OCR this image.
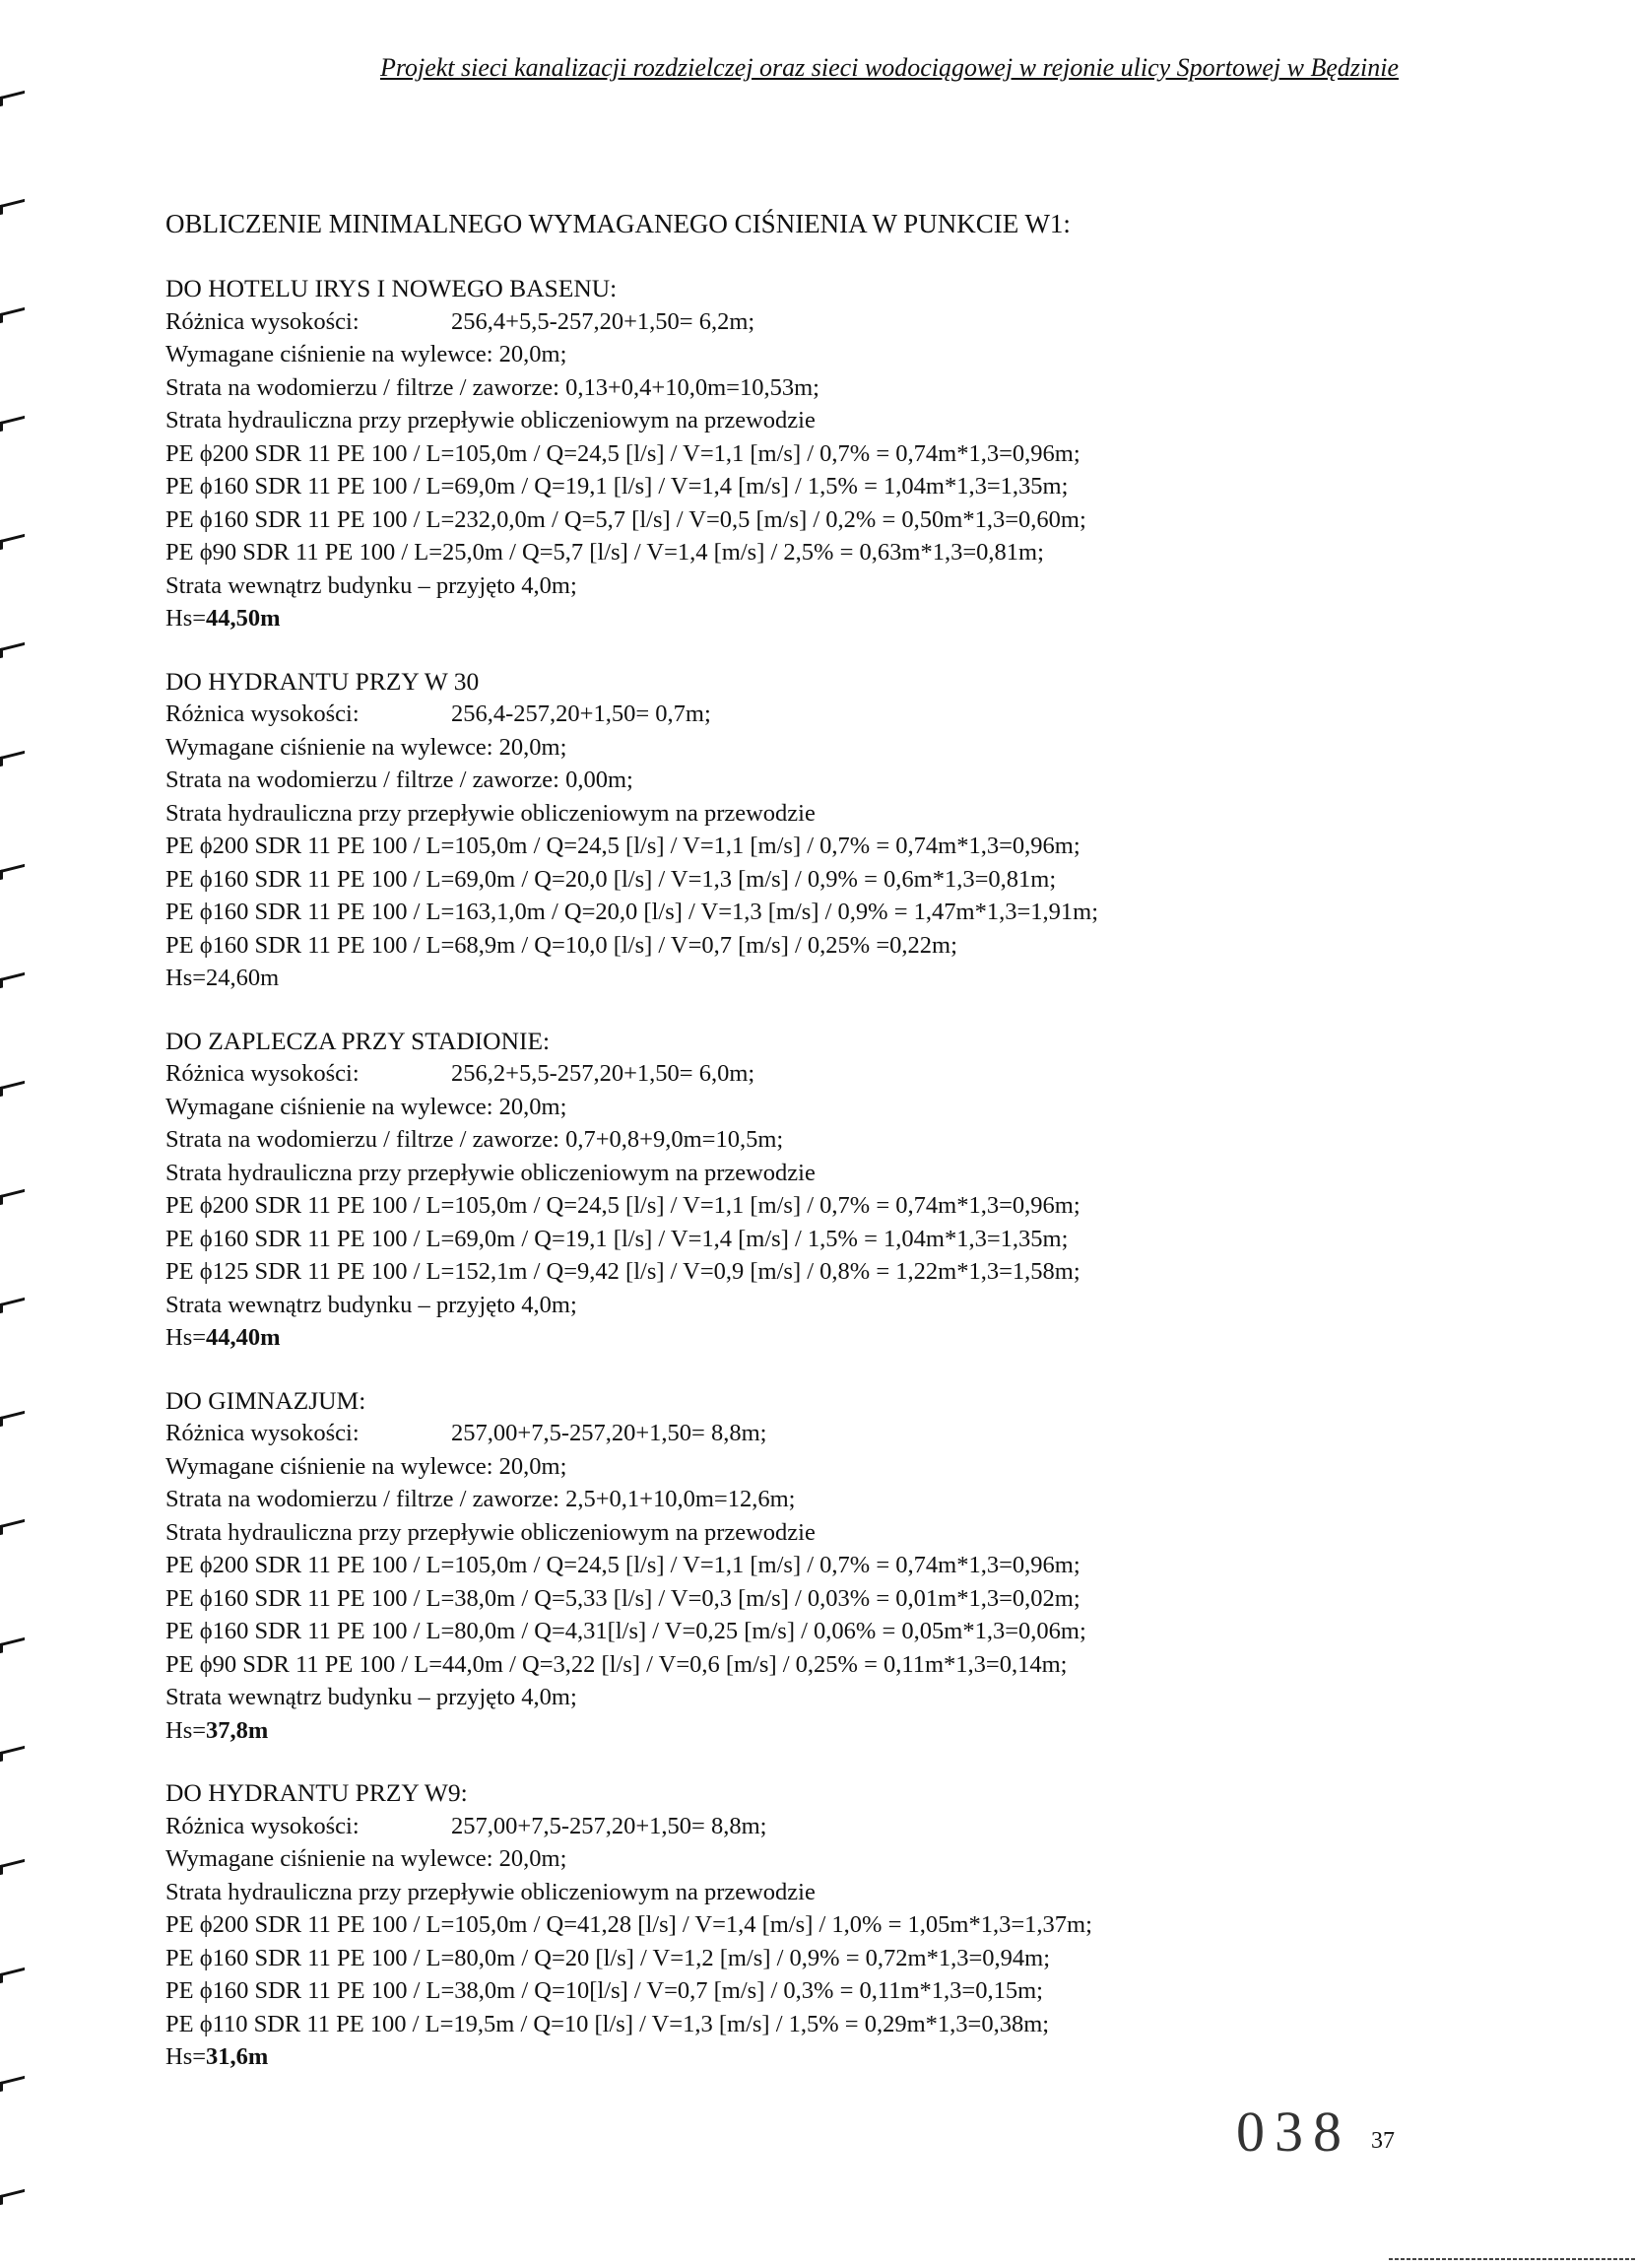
Projekt sieci kanalizacji rozdzielczej oraz sieci wodociągowej w rejonie ulicy Sportowej w Będzinie
OBLICZENIE MINIMALNEGO WYMAGANEGO CIŚNIENIA W PUNKCIE W1:
DO HOTELU IRYS I NOWEGO BASENU:
Różnica wysokości:	256,4+5,5-257,20+1,50= 6,2m;
Wymagane ciśnienie na wylewce: 20,0m;
Strata na wodomierzu / filtrze / zaworze: 0,13+0,4+10,0m=10,53m;
Strata hydrauliczna przy przepływie obliczeniowym na przewodzie
PE ϕ200 SDR 11 PE 100 / L=105,0m / Q=24,5 [l/s] / V=1,1 [m/s] / 0,7% = 0,74m*1,3=0,96m;
PE ϕ160 SDR 11 PE 100 / L=69,0m / Q=19,1 [l/s] / V=1,4 [m/s] / 1,5% = 1,04m*1,3=1,35m;
PE ϕ160 SDR 11 PE 100 / L=232,0,0m / Q=5,7 [l/s] / V=0,5 [m/s] / 0,2% = 0,50m*1,3=0,60m;
PE ϕ90 SDR 11 PE 100 / L=25,0m / Q=5,7 [l/s] / V=1,4 [m/s] / 2,5% = 0,63m*1,3=0,81m;
Strata wewnątrz budynku – przyjęto 4,0m;
Hs=44,50m
DO HYDRANTU PRZY W 30
Różnica wysokości:	256,4-257,20+1,50= 0,7m;
Wymagane ciśnienie na wylewce: 20,0m;
Strata na wodomierzu / filtrze / zaworze: 0,00m;
Strata hydrauliczna przy przepływie obliczeniowym na przewodzie
PE ϕ200 SDR 11 PE 100 / L=105,0m / Q=24,5 [l/s] / V=1,1 [m/s] / 0,7% = 0,74m*1,3=0,96m;
PE ϕ160 SDR 11 PE 100 / L=69,0m / Q=20,0 [l/s] / V=1,3 [m/s] / 0,9% = 0,6m*1,3=0,81m;
PE ϕ160 SDR 11 PE 100 / L=163,1,0m / Q=20,0 [l/s] / V=1,3 [m/s] / 0,9% = 1,47m*1,3=1,91m;
PE ϕ160 SDR 11 PE 100 / L=68,9m / Q=10,0 [l/s] / V=0,7 [m/s] / 0,25% =0,22m;
Hs=24,60m
DO ZAPLECZA PRZY STADIONIE:
Różnica wysokości:	256,2+5,5-257,20+1,50= 6,0m;
Wymagane ciśnienie na wylewce: 20,0m;
Strata na wodomierzu / filtrze / zaworze: 0,7+0,8+9,0m=10,5m;
Strata hydrauliczna przy przepływie obliczeniowym na przewodzie
PE ϕ200 SDR 11 PE 100 / L=105,0m / Q=24,5 [l/s] / V=1,1 [m/s] / 0,7% = 0,74m*1,3=0,96m;
PE ϕ160 SDR 11 PE 100 / L=69,0m / Q=19,1 [l/s] / V=1,4 [m/s] / 1,5% = 1,04m*1,3=1,35m;
PE ϕ125 SDR 11 PE 100 / L=152,1m / Q=9,42 [l/s] / V=0,9 [m/s] / 0,8% = 1,22m*1,3=1,58m;
Strata wewnątrz budynku – przyjęto 4,0m;
Hs=44,40m
DO GIMNAZJUM:
Różnica wysokości:	257,00+7,5-257,20+1,50= 8,8m;
Wymagane ciśnienie na wylewce: 20,0m;
Strata na wodomierzu / filtrze / zaworze: 2,5+0,1+10,0m=12,6m;
Strata hydrauliczna przy przepływie obliczeniowym na przewodzie
PE ϕ200 SDR 11 PE 100 / L=105,0m / Q=24,5 [l/s] / V=1,1 [m/s] / 0,7% = 0,74m*1,3=0,96m;
PE ϕ160 SDR 11 PE 100 / L=38,0m / Q=5,33 [l/s] / V=0,3 [m/s] / 0,03% = 0,01m*1,3=0,02m;
PE ϕ160 SDR 11 PE 100 / L=80,0m / Q=4,31[l/s] / V=0,25 [m/s] / 0,06% = 0,05m*1,3=0,06m;
PE ϕ90 SDR 11 PE 100 / L=44,0m / Q=3,22 [l/s] / V=0,6 [m/s] / 0,25% = 0,11m*1,3=0,14m;
Strata wewnątrz budynku – przyjęto 4,0m;
Hs=37,8m
DO HYDRANTU PRZY W9:
Różnica wysokości:	257,00+7,5-257,20+1,50= 8,8m;
Wymagane ciśnienie na wylewce: 20,0m;
Strata hydrauliczna przy przepływie obliczeniowym na przewodzie
PE ϕ200 SDR 11 PE 100 / L=105,0m / Q=41,28 [l/s] / V=1,4 [m/s] / 1,0% = 1,05m*1,3=1,37m;
PE ϕ160 SDR 11 PE 100 / L=80,0m / Q=20 [l/s] / V=1,2 [m/s] / 0,9% = 0,72m*1,3=0,94m;
PE ϕ160 SDR 11 PE 100 / L=38,0m / Q=10[l/s] / V=0,7 [m/s] / 0,3% = 0,11m*1,3=0,15m;
PE ϕ110 SDR 11 PE 100 / L=19,5m / Q=10 [l/s] / V=1,3 [m/s] / 1,5% = 0,29m*1,3=0,38m;
Hs=31,6m
038 37
